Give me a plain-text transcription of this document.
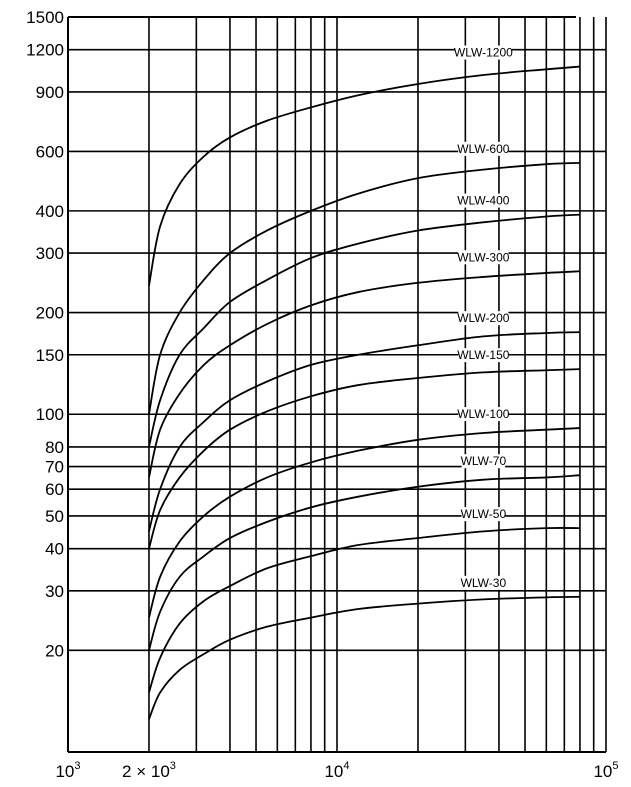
WLW-1200
WLW-600
WLW-400
WLW-300
WLW-200
WLW-150
WLW-100
WLW-70
WLW-50
WLW-30
1500
1200
900
600
400
300
200
150
100
80
70
60
50
40
30
20
$10^3$ $2 \times 10^3$	$10^4$	$10^5$
